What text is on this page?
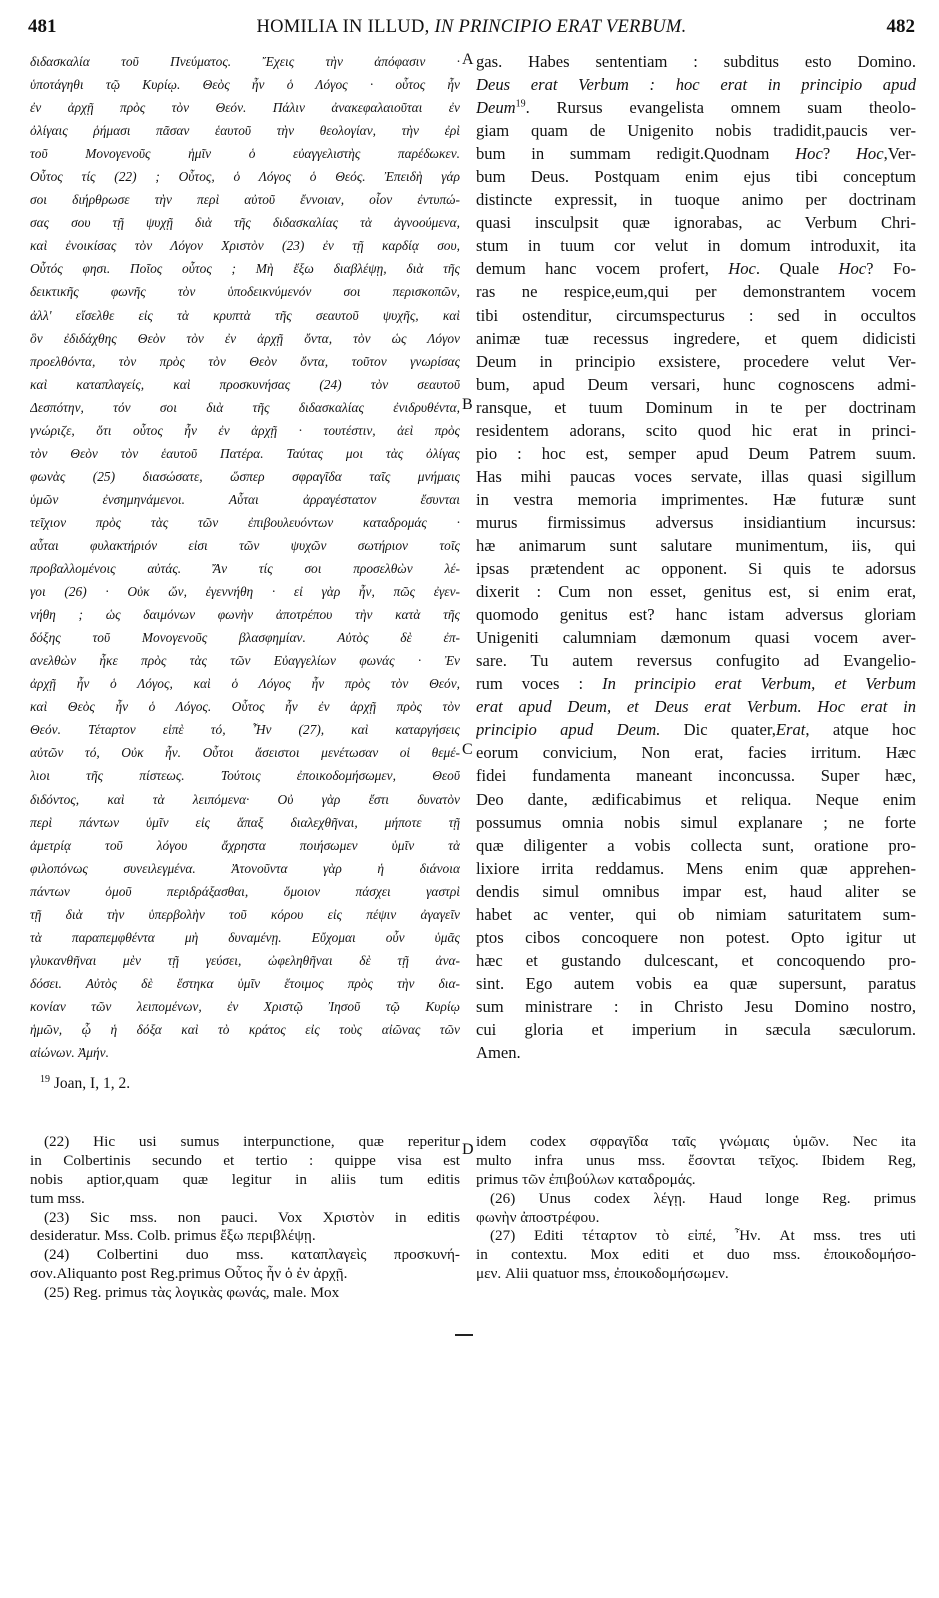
481	HOMILIA IN ILLUD, IN PRINCIPIO ERAT VERBUM.	482
διδασκαλία τοῦ Πνεύματος. Ἔχεις τὴν ἀπόφασιν ·
ὑποτάγηθι τῷ Κυρίῳ. Θεὸς ἦν ὁ Λόγος · οὗτος ἦν
ἐν ἀρχῇ πρὸς τὸν Θεόν. Πάλιν ἀνακεφαλαιοῦται ἐν
ὀλίγαις ῥήμασι πᾶσαν ἑαυτοῦ τὴν θεολογίαν, τὴν ἐρὶ
τοῦ Μονογενοῦς ἡμῖν ὁ εὐαγγελιστὴς παρέδωκεν.
Οὗτος τίς (22) ; Οὗτος, ὁ Λόγος ὁ Θεός. Ἐπειδὴ γάρ
σοι διήρθρωσε τὴν περὶ αὐτοῦ ἔννοιαν, οἷον ἐντυπώ-
σας σου τῇ ψυχῇ διὰ τῆς διδασκαλίας τὰ ἀγνοούμενα,
καὶ ἐνοικίσας τὸν Λόγον Χριστὸν (23) ἐν τῇ καρδίᾳ σου,
Οὗτός φησι. Ποῖος οὗτος ; Μὴ ἔξω διαβλέψῃ, διὰ τῆς
δεικτικῆς φωνῆς τὸν ὑποδεικνύμενόν σοι περισκοπῶν,
ἀλλ' εἴσελθε εἰς τὰ κρυπτὰ τῆς σεαυτοῦ ψυχῆς, καὶ
ὃν ἐδιδάχθης Θεὸν τὸν ἐν ἀρχῇ ὄντα, τὸν ὡς Λόγον
προελθόντα, τὸν πρὸς τὸν Θεὸν ὄντα, τοῦτον γνωρίσας
καὶ καταπλαγείς, καὶ προσκυνήσας (24) τὸν σεαυτοῦ
Δεσπότην, τόν σοι διὰ τῆς διδασκαλίας ἐνιδρυθέντα,
γνώριζε, ὅτι οὗτος ἦν ἐν ἀρχῇ · τουτέστιν, ἀεὶ πρὸς
τὸν Θεὸν τὸν ἑαυτοῦ Πατέρα. Ταύτας μοι τὰς ὀλίγας
φωνὰς (25) διασώσατε, ὥσπερ σφραγῖδα ταῖς μνήμαις
ὑμῶν ἐνσημηνάμενοι. Αὗται ἀρραγέστατον ἔσυνται
τεῖχιον πρὸς τὰς τῶν ἐπιβουλευόντων καταδρομάς ·
αὗται φυλακτήριόν εἰσι τῶν ψυχῶν σωτήριον τοῖς
προβαλλομένοις αὐτάς. Ἄν τίς σοι προσελθὼν λέ-
γοι (26) · Οὐκ ὤν, ἐγεννήθη · εἰ γὰρ ἦν, πῶς ἐγεν-
νήθη ; ὡς δαιμόνων φωνὴν ἀποτρέπου τὴν κατὰ τῆς
δόξης τοῦ Μονογενοῦς βλασφημίαν. Αὐτὸς δὲ ἐπ-
ανελθὼν ἧκε πρὸς τὰς τῶν Εὐαγγελίων φωνάς · Ἐν
ἀρχῇ ἦν ὁ Λόγος, καὶ ὁ Λόγος ἦν πρὸς τὸν Θεόν,
καὶ Θεὸς ἦν ὁ Λόγος. Οὗτος ἦν ἐν ἀρχῇ πρὸς τὸν
Θεόν. Τέταρτον εἰπὲ τό, Ἦν (27), καὶ καταργήσεις
αὐτῶν τό, Οὐκ ἦν. Οὗτοι ἄσειστοι μενέτωσαν οἱ θεμέ-
λιοι τῆς πίστεως. Τούτοις ἐποικοδομήσωμεν, Θεοῦ
διδόντος, καὶ τὰ λειπόμενα· Οὐ γὰρ ἔστι δυνατὸν
περὶ πάντων ὑμῖν εἰς ἅπαξ διαλεχθῆναι, μήποτε τῇ
ἀμετρίᾳ τοῦ λόγου ἄχρηστα ποιήσωμεν ὑμῖν τὰ
φιλοπόνως συνειλεγμένα. Ἀτονοῦντα γὰρ ἡ διάνοια
πάντων ὁμοῦ περιδράξασθαι, ὅμοιον πάσχει γαστρὶ
τῇ διὰ τὴν ὑπερβολὴν τοῦ κόρου εἰς πέψιν ἀγαγεῖν
τὰ παραπεμφθέντα μὴ δυναμένῃ. Εὔχομαι οὖν ὑμᾶς
γλυκανθῆναι μὲν τῇ γεύσει, ὠφεληθῆναι δὲ τῇ ἀνα-
δόσει. Αὐτὸς δὲ ἕστηκα ὑμῖν ἕτοιμος πρὸς τὴν δια-
κονίαν τῶν λειπομένων, ἐν Χριστῷ Ἰησοῦ τῷ Κυρίῳ
ἡμῶν, ᾧ ἡ δόξα καὶ τὸ κράτος εἰς τοὺς αἰῶνας τῶν
αἰώνων. Ἀμήν.
gas. Habes sententiam : subditus esto Domino.
Deus erat Verbum : hoc erat in principio apud
Deum$^{19}$. Rursus evangelista omnem suam theolo-
giam quam de Unigenito nobis tradidit,paucis ver-
bum in summam redigit.Quodnam Hoc? Hoc,Ver-
bum Deus. Postquam enim ejus tibi conceptum
distincte expressit, in tuoque animo per doctrinam
quasi insculpsit quæ ignorabas, ac Verbum Chri-
stum in tuum cor velut in domum introduxit, ita
demum hanc vocem profert, Hoc. Quale Hoc? Fo-
ras ne respice,eum,qui per demonstrantem vocem
tibi ostenditur, circumspecturus : sed in occultos
animæ tuæ recessus ingredere, et quem didicisti
Deum in principio exsistere, procedere velut Ver-
bum, apud Deum versari, hunc cognoscens admi-
ransque, et tuum Dominum in te per doctrinam
residentem adorans, scito quod hic erat in princi-
pio : hoc est, semper apud Deum Patrem suum.
Has mihi paucas voces servate, illas quasi sigillum
in vestra memoria imprimentes. Hæ futuræ sunt
murus firmissimus adversus insidiantium incursus:
hæ animarum sunt salutare munimentum, iis, qui
ipsas prætendent ac opponent. Si quis te adorsus
dixerit : Cum non esset, genitus est, si enim erat,
quomodo genitus est? hanc istam adversus gloriam
Unigeniti calumniam dæmonum quasi vocem aver-
sare. Tu autem reversus confugito ad Evangelio-
rum voces : In principio erat Verbum, et Verbum
erat apud Deum, et Deus erat Verbum. Hoc erat in
principio apud Deum. Dic quater,Erat, atque hoc
eorum convicium, Non erat, facies irritum. Hæc
fidei fundamenta maneant inconcussa. Super hæc,
Deo dante, ædificabimus et reliqua. Neque enim
possumus omnia nobis simul explanare ; ne forte
quæ diligenter a vobis collecta sunt, oratione pro-
lixiore irrita reddamus. Mens enim quæ apprehen-
dendis simul omnibus impar est, haud aliter se
habet ac venter, qui ob nimiam saturitatem sum-
ptos cibos concoquere non potest. Opto igitur ut
hæc et gustando dulcescant, et concoquendo pro-
sint. Ego autem vobis ea quæ supersunt, paratus
sum ministrare : in Christo Jesu Domino nostro,
cui gloria et imperium in sæcula sæculorum.
Amen.
A
B
C
D
$^{19}$ Joan, I, 1, 2.
(22) Hic usi sumus interpunctione, quæ reperitur
in Colbertinis secundo et tertio : quippe visa est
nobis aptior,quam quæ legitur in aliis tum editis
tum mss.
(23) Sic mss. non pauci. Vox Χριστὸν in editis
desideratur. Mss. Colb. primus ἔξω περιβλέψῃ.
(24) Colbertini duo mss. καταπλαγεὶς προσκυνή-
σον.Aliquanto post Reg.primus Οὗτος ἦν ὁ ἐν ἀρχῇ.
(25) Reg. primus τὰς λογικὰς φωνάς, male. Mox
idem codex σφραγῖδα ταῖς γνώμαις ὑμῶν. Nec ita
multo infra unus mss. ἔσονται τεῖχος. Ibidem Reg,
primus τῶν ἐπιβούλων καταδρομάς.
(26) Unus codex λέγῃ. Haud longe Reg. primus
φωνὴν ἀποστρέφου.
(27) Editi τέταρτον τὸ εἰπέ, Ἦν. At mss. tres uti
in contextu. Mox editi et duo mss. ἐποικοδομήσο-
μεν. Alii quatuor mss, ἐποικοδομήσωμεν.
